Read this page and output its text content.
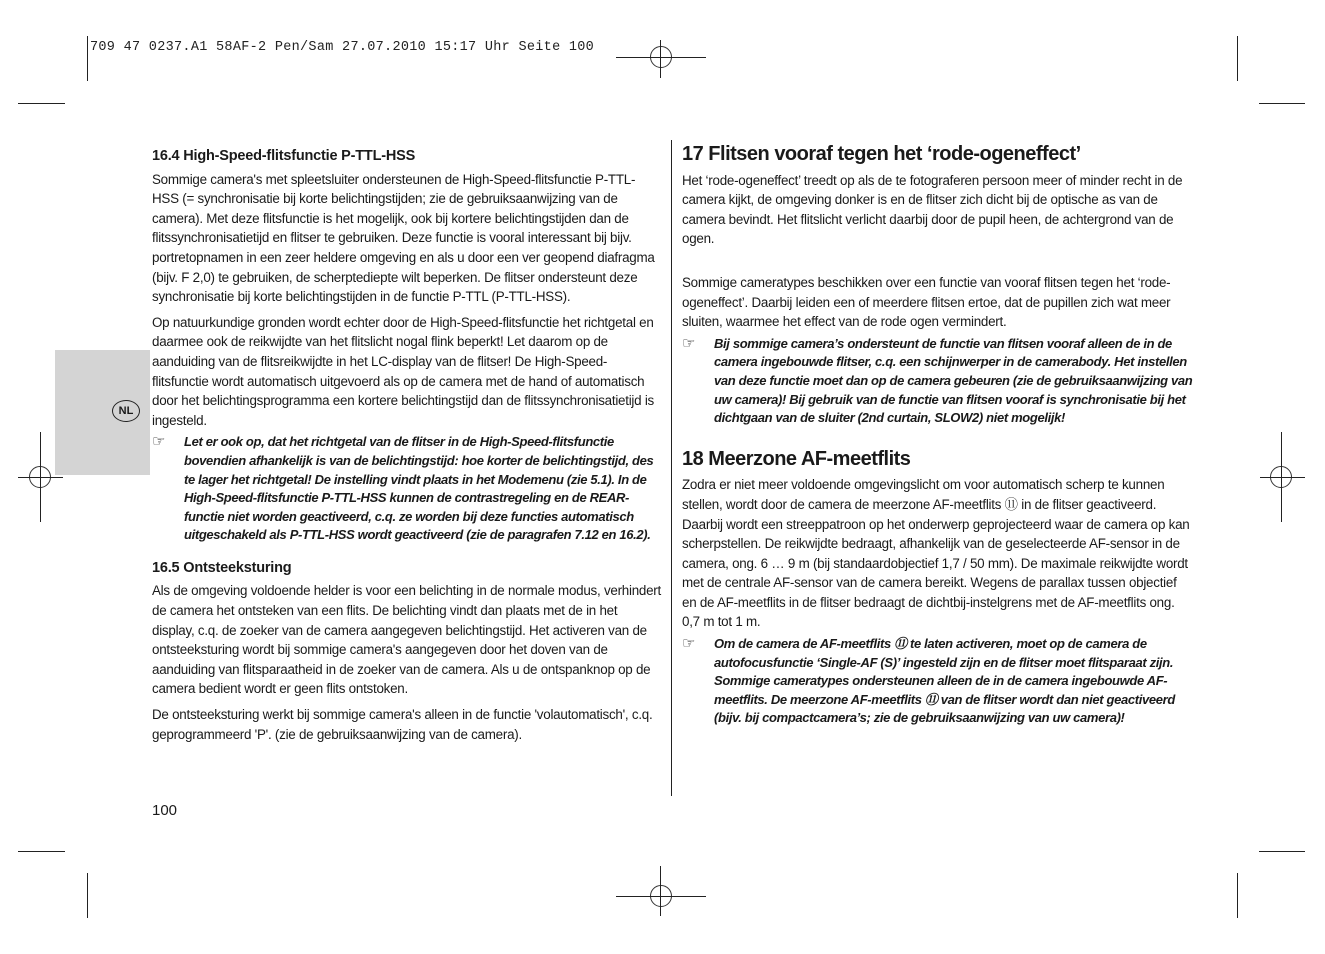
709 47 0237.A1 58AF-2 Pen/Sam 27.07.2010 15:17 Uhr Seite 100
NL
16.4 High-Speed-flitsfunctie P-TTL-HSS

Sommige camera's met spleetsluiter ondersteunen de High-Speed-flitsfunctie P-TTL- HSS (= synchronisatie bij korte belichtingstijden; zie de gebruiksaanwijzing van de camera). Met deze flitsfunctie is het mogelijk, ook bij kortere belichtingstijden dan de flitssynchronisatietijd en flitser te gebruiken. Deze functie is vooral interessant bij bijv. portretopnamen in een zeer heldere omgeving en als u door een ver geopend diafragma (bijv. F 2,0) te gebruiken, de scherptediepte wilt beperken. De flitser ondersteunt deze synchronisatie bij korte belichtingstijden in de functie P-TTL (P-TTL-HSS).

Op natuurkundige gronden wordt echter door de High-Speed-flitsfunctie het richtgetal en daarmee ook de reikwijdte van het flitslicht nogal flink beperkt! Let daarom op de aanduiding van de flitsreikwijdte in het LC-display van de flitser! De High-Speed-flitsfunctie wordt automatisch uitgevoerd als op de camera met de hand of automatisch door het belichtingsprogramma een kortere belichtingstijd dan de flitssynchronisatietijd is ingesteld.

☞	Let er ook op, dat het richtgetal van de flitser in de High-Speed-flitsfunctie bovendien afhankelijk is van de belichtingstijd: hoe korter de belichtingstijd, des te lager het richtgetal! De instelling vindt plaats in het Modemenu (zie 5.1). In de High-Speed-flitsfunctie P-TTL-HSS kunnen de contrastregeling en de REAR-functie niet worden geactiveerd, c.q. ze worden bij deze functies automatisch uitgeschakeld als P-TTL-HSS wordt geactiveerd (zie de paragrafen 7.12 en 16.2).
16.5 Ontsteeksturing

Als de omgeving voldoende helder is voor een belichting in de normale modus, verhindert de camera het ontsteken van een flits. De belichting vindt dan plaats met de in het display, c.q. de zoeker van de camera aangegeven belichtingstijd. Het activeren van de ontsteeksturing wordt bij sommige camera's aangegeven door het doven van de aanduiding van flitsparaatheid in de zoeker van de camera. Als u de ontspanknop op de camera bedient wordt er geen flits ontstoken.

De ontsteeksturing werkt bij sommige camera's alleen in de functie 'volautomatisch', c.q. geprogrammeerd 'P'. (zie de gebruiksaanwijzing van de camera).

17 Flitsen vooraf tegen het ‘rode-ogeneffect’

Het ‘rode-ogeneffect’ treedt op als de te fotograferen persoon meer of minder recht in de camera kijkt, de omgeving donker is en de flitser zich dicht bij de optische as van de camera bevindt. Het flitslicht verlicht daarbij door de pupil heen, de achtergrond van de ogen.

Sommige cameratypes beschikken over een functie van vooraf flitsen tegen het ‘rode-ogeneffect’. Daarbij leiden een of meerdere flitsen ertoe, dat de pupillen zich wat meer sluiten, waarmee het effect van de rode ogen vermindert.

☞	Bij sommige camera’s ondersteunt de functie van flitsen vooraf alleen de in de camera ingebouwde flitser, c.q. een schijnwerper in de camerabody. Het instellen van deze functie moet dan op de camera gebeuren (zie de gebruiksaanwijzing van uw camera)! Bij gebruik van de functie van flitsen vooraf is synchronisatie bij het dichtgaan van de sluiter (2nd curtain, SLOW2) niet mogelijk!
18 Meerzone AF-meetflits

Zodra er niet meer voldoende omgevingslicht om voor automatisch scherp te kunnen stellen, wordt door de camera de meerzone AF-meetflits ⑪ in de flitser geactiveerd. Daarbij wordt een streeppatroon op het onderwerp geprojecteerd waar de camera op kan scherpstellen. De reikwijdte bedraagt, afhankelijk van de geselecteerde AF-sensor in de camera, ong. 6 … 9 m (bij standaardobjectief 1,7 / 50 mm). De maximale reikwijdte wordt met de centrale AF-sensor van de camera bereikt. Wegens de parallax tussen objectief en de AF-meetflits in de flitser bedraagt de dichtbij-instelgrens met de AF-meetflits ong. 0,7 m tot 1 m.

☞	Om de camera de AF-meetflits ⑪ te laten activeren, moet op de camera de autofocusfunctie ‘Single-AF (S)’ ingesteld zijn en de flitser moet flitsparaat zijn. Sommige cameratypes ondersteunen alleen de in de camera ingebouwde AF-meetflits. De meerzone AF-meetflits ⑪ van de flitser wordt dan niet geactiveerd (bijv. bij compactcamera’s; zie de gebruiksaanwijzing van uw camera)!
100
